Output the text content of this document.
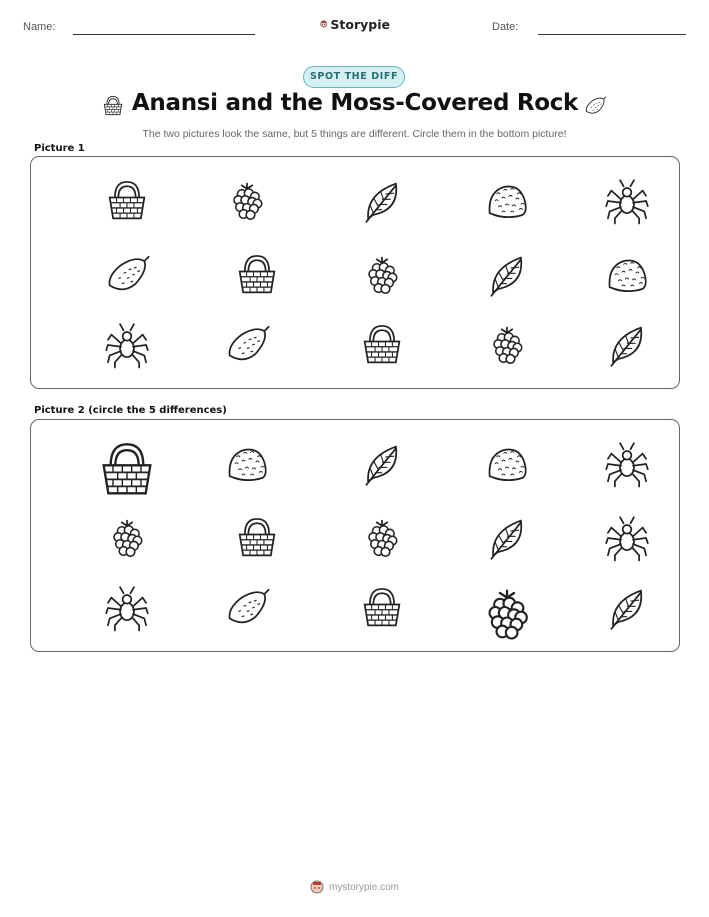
Name:	Storypie	Date:
SPOT THE DIFF
Anansi and the Moss-Covered Rock
The two pictures look the same, but 5 things are different. Circle them in the bottom picture!
Picture 1
Picture 2 (circle the 5 differences)
mystorypie.com
